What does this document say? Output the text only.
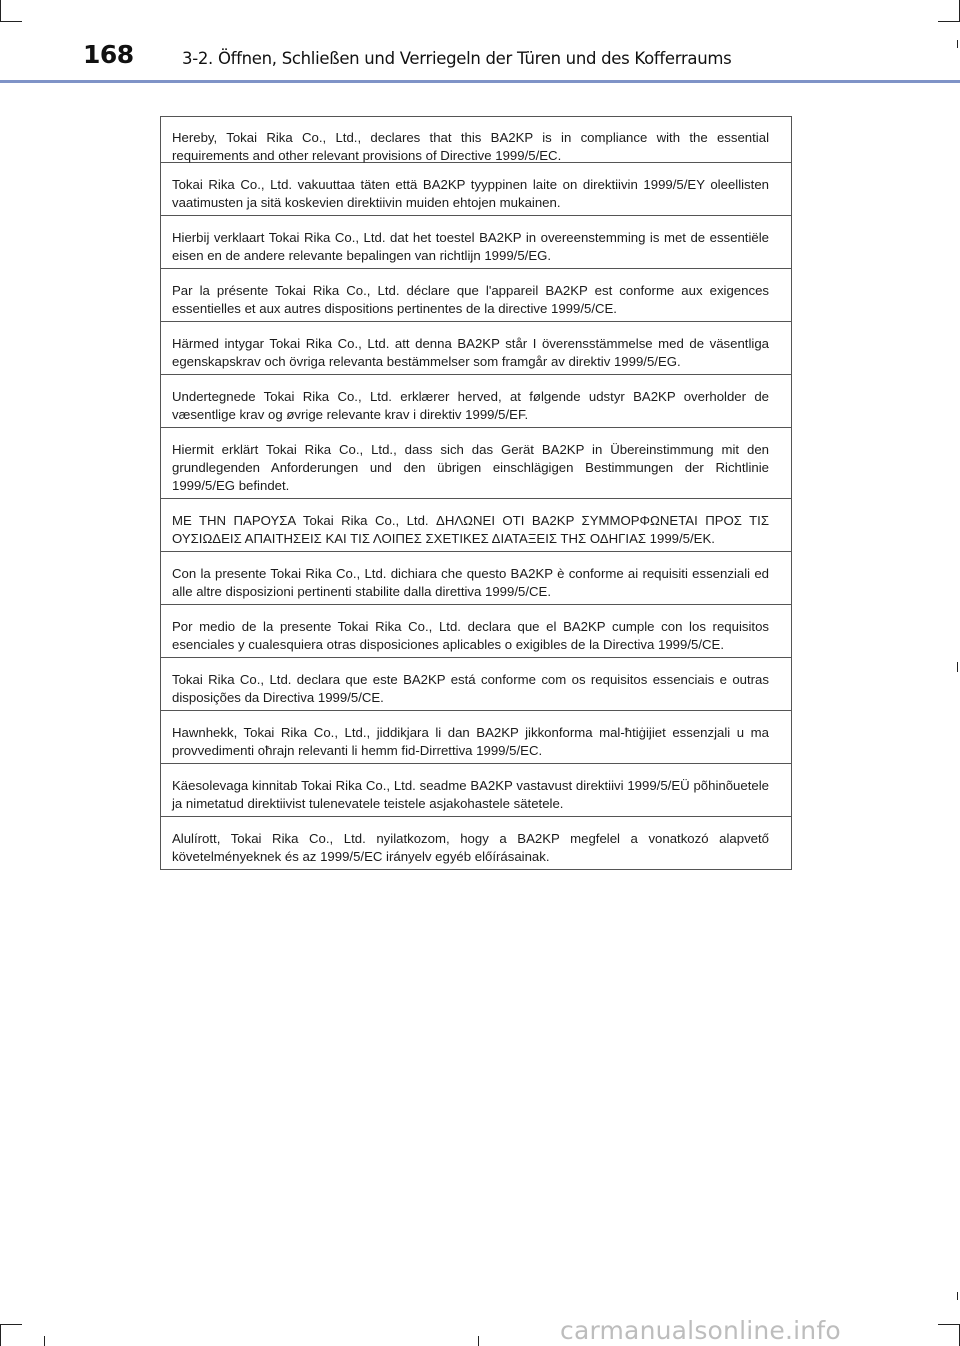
168	3-2. Öffnen, Schließen und Verriegeln der Türen und des Kofferraums
Hereby, Tokai Rika Co., Ltd., declares that this BA2KP is in compliance with the essential requirements and other relevant provisions of Directive 1999/5/EC.
Tokai Rika Co., Ltd. vakuuttaa täten että BA2KP tyyppinen laite on direktiivin 1999/5/EY oleellisten vaatimusten ja sitä koskevien direktiivin muiden ehtojen mukainen.
Hierbij verklaart Tokai Rika Co., Ltd. dat het toestel BA2KP in overeenstemming is met de essentiële eisen en de andere relevante bepalingen van richtlijn 1999/5/EG.
Par la présente Tokai Rika Co., Ltd. déclare que l'appareil BA2KP est conforme aux exigences essentielles et aux autres dispositions pertinentes de la directive 1999/5/CE.
Härmed intygar Tokai Rika Co., Ltd. att denna BA2KP står I överensstämmelse med de väsentliga egenskapskrav och övriga relevanta bestämmelser som framgår av direktiv 1999/5/EG.
Undertegnede Tokai Rika Co., Ltd. erklærer herved, at følgende udstyr BA2KP overholder de væsentlige krav og øvrige relevante krav i direktiv 1999/5/EF.
Hiermit erklärt Tokai Rika Co., Ltd., dass sich das Gerät BA2KP in Übereinstimmung mit den grundlegenden Anforderungen und den übrigen einschlägigen Bestimmungen der Richtlinie 1999/5/EG befindet.
ΜΕ ΤΗΝ ΠΑΡΟΥΣΑ Tokai Rika Co., Ltd. ΔΗΛΩΝΕΙ ΟΤΙ BA2KP ΣΥΜΜΟΡΦΩΝΕΤΑΙ ΠΡΟΣ ΤΙΣ ΟΥΣΙΩΔΕΙΣ ΑΠΑΙΤΗΣΕΙΣ ΚΑΙ ΤΙΣ ΛΟΙΠΕΣ ΣΧΕΤΙΚΕΣ ΔΙΑΤΑΞΕΙΣ ΤΗΣ ΟΔΗΓΙΑΣ 1999/5/ΕΚ.
Con la presente Tokai Rika Co., Ltd. dichiara che questo BA2KP è conforme ai requisiti essenziali ed alle altre disposizioni pertinenti stabilite dalla direttiva 1999/5/CE.
Por medio de la presente Tokai Rika Co., Ltd. declara que el BA2KP cumple con los requisitos esenciales y cualesquiera otras disposiciones aplicables o exigibles de la Directiva 1999/5/CE.
Tokai Rika Co., Ltd. declara que este BA2KP está conforme com os requisitos essenciais e outras disposições da Directiva 1999/5/CE.
Hawnhekk, Tokai Rika Co., Ltd., jiddikjara li dan BA2KP jikkonforma mal-ħtiġijiet essenzjali u ma provvedimenti oħrajn relevanti li hemm fid-Dirrettiva 1999/5/EC.
Käesolevaga kinnitab Tokai Rika Co., Ltd. seadme BA2KP vastavust direktiivi 1999/5/EÜ põhinõuetele ja nimetatud direktiivist tulenevatele teistele asjakohastele sätetele.
Alulírott, Tokai Rika Co., Ltd. nyilatkozom, hogy a BA2KP megfelel a vonatkozó alapvető követelményeknek és az 1999/5/EC irányelv egyéb előírásainak.
carmanualsonline.info
